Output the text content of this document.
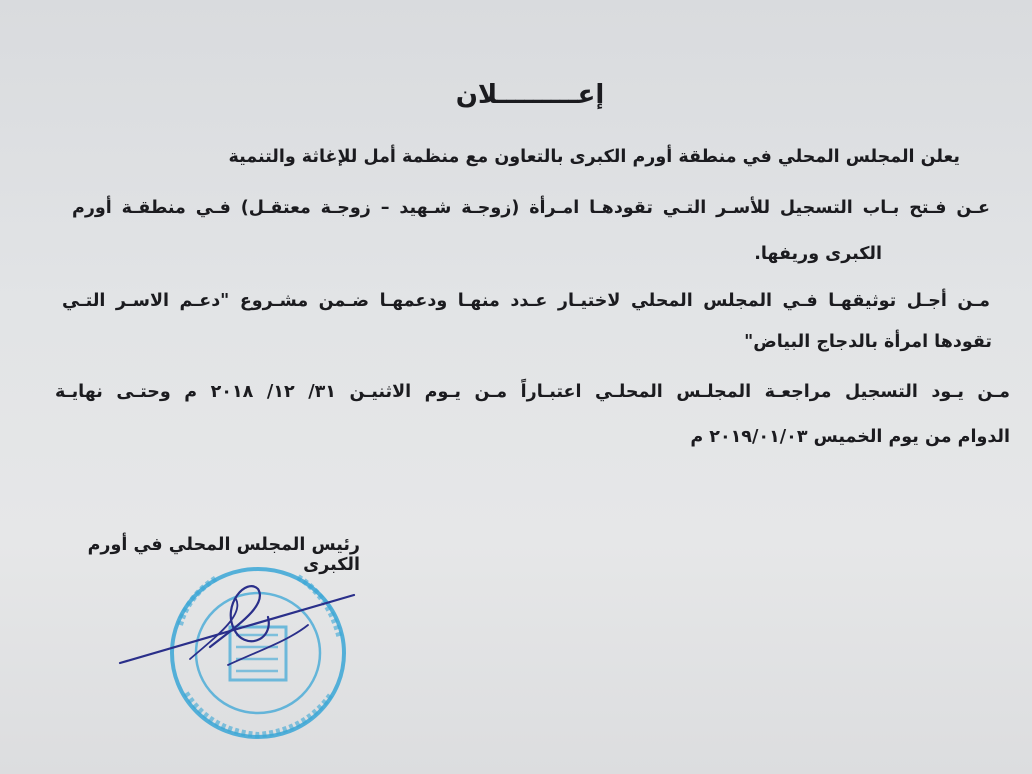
إعـــــــــلان
يعلن المجلس المحلي في منطقة أورم الكبرى بالتعاون مع منظمة أمل للإغاثة والتنمية
عـن فـتح بـاب التسجيل للأسـر التـي تقودهـا امـرأة (زوجـة شـهيد – زوجـة معتقـل) فـي منطقـة أورم
الكبرى وريفها.
مـن أجـل توثيقهـا فـي المجلس المحلي لاختيـار عـدد منهـا ودعمهـا ضـمن مشـروع "دعـم الاسـر التـي
تقودها امرأة بالدجاج البياض"
مـن يـود التسجيل مراجعـة المجلـس المحلـي اعتبـاراً مـن يـوم الاثنيـن ٣١/ ١٢/ ٢٠١٨ م وحتـى نهايـة
الدوام من يوم الخميس ٢٠١٩/٠١/٠٣ م
رئيس المجلس المحلي في أورم الكبرى
